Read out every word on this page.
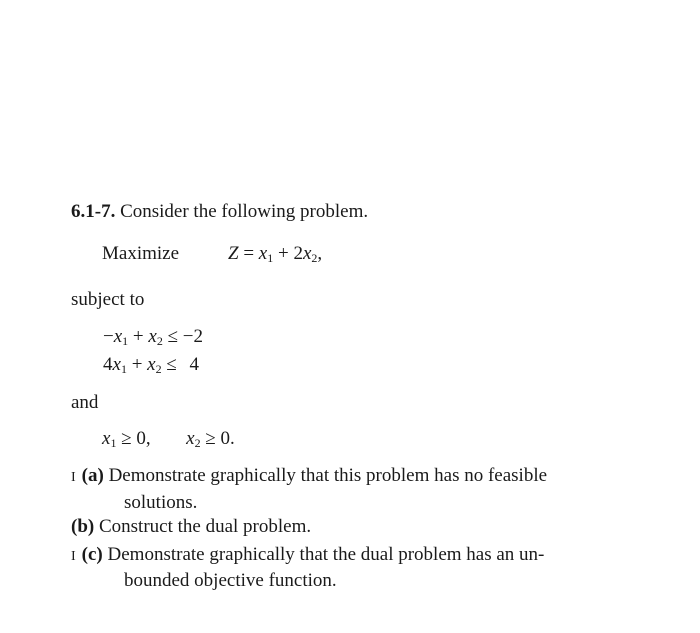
6.1-7. Consider the following problem.
Maximize	$Z = x_1 + 2x_2$,
subject to
$-x_1 + x_2 \le -2$
$4x_1 + x_2 \le 4$
and
$x_1 \ge 0$, $x_2 \ge 0$.
I (a) Demonstrate graphically that this problem has no feasible
solutions.
(b) Construct the dual problem.
I (c) Demonstrate graphically that the dual problem has an un-
bounded objective function.
